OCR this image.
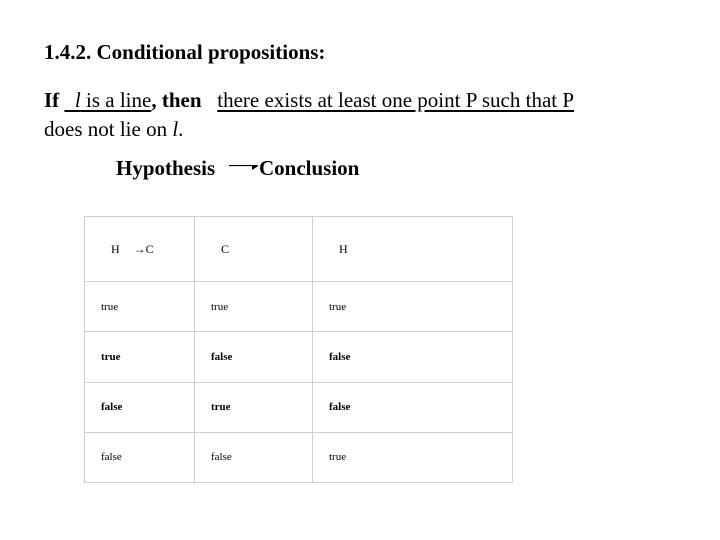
1.4.2. Conditional propositions:
If l is a line, then there exists at least one point P such that P
does not lie on l.
Hypothesis Conclusion
H →C	C	H
true	true	true
true	false	false
false	true	false
false	false	true
